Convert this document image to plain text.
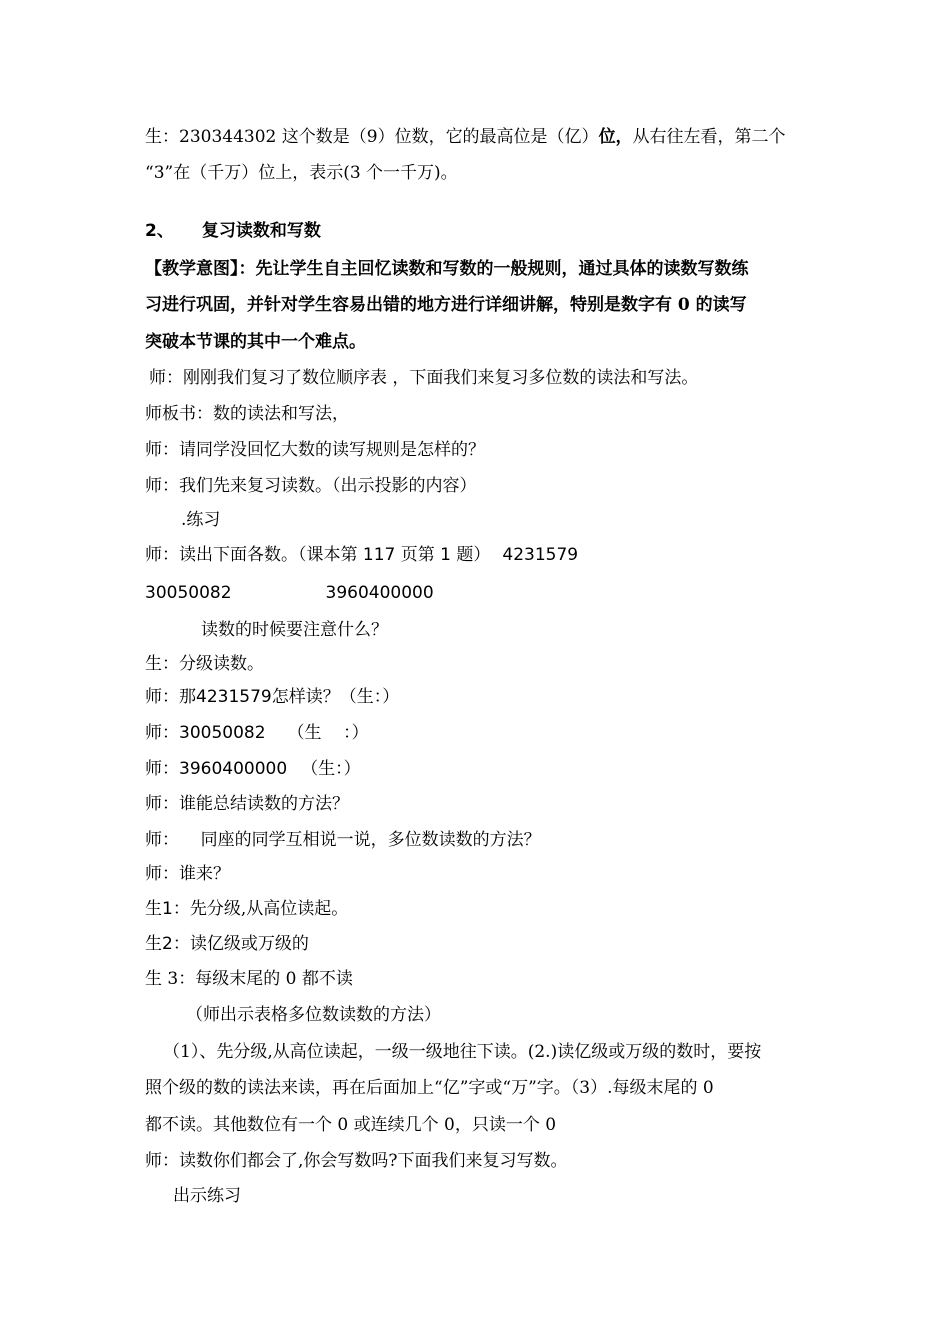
生：230344302 这个数是（9）位数，它的最高位是（亿）位，从右往左看，第二个
“3”在（千万）位上，表示(3 个一千万)。
2、 复习读数和写数
【教学意图】：先让学生自主回忆读数和写数的一般规则，通过具体的读数写数练
习进行巩固，并针对学生容易出错的地方进行详细讲解，特别是数字有 0 的读写
突破本节课的其中一个难点。
师：刚刚我们复习了数位顺序表 ，下面我们来复习多位数的读法和写法。
师板书：数的读法和写法，
师：请同学没回忆大数的读写规则是怎样的？
师：我们先来复习读数。（出示投影的内容）
.练习
师：读出下面各数。（课本第 117 页第 1 题） 4231579
30050082	3960400000
读数的时候要注意什么？
生：分级读数。
师：那4231579怎样读？（生：）
师：30050082 （生    ：）
师：3960400000 （生：）
师：谁能总结读数的方法？
师：    同座的同学互相说一说，多位数读数的方法？
师：谁来？
生1：先分级,从高位读起。
生2：读亿级或万级的
生 3：每级末尾的 0 都不读
（师出示表格多位数读数的方法）
（1）、先分级,从高位读起，一级一级地往下读。(2.)读亿级或万级的数时，要按
照个级的数的读法来读，再在后面加上“亿”字或“万”字。（3）.每级末尾的 0
都不读。其他数位有一个 0 或连续几个 0，只读一个 0
师：读数你们都会了,你会写数吗?下面我们来复习写数。
出示练习
